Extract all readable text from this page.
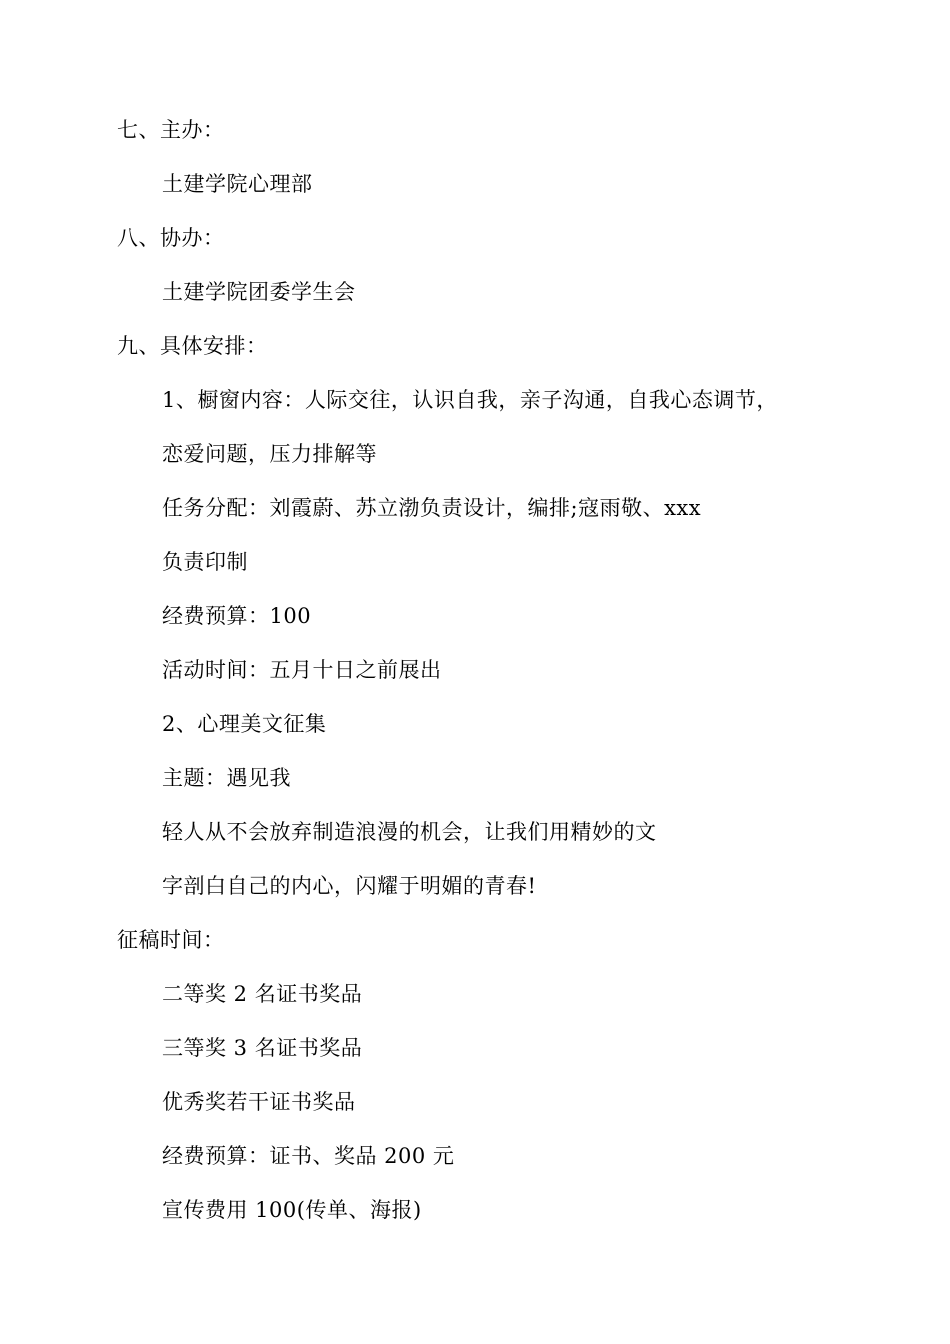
七、主办：
土建学院心理部
八、协办：
土建学院团委学生会
九、具体安排：
1、橱窗内容：人际交往，认识自我，亲子沟通，自我心态调节，
恋爱问题，压力排解等
任务分配：刘霞蔚、苏立渤负责设计，编排;寇雨敬、xxx
负责印制
经费预算：100
活动时间：五月十日之前展出
2、心理美文征集
主题：遇见我
轻人从不会放弃制造浪漫的机会，让我们用精妙的文
字剖白自己的内心，闪耀于明媚的青春!
征稿时间：
二等奖 2 名证书奖品
三等奖 3 名证书奖品
优秀奖若干证书奖品
经费预算：证书、奖品 200 元
宣传费用 100(传单、海报)
